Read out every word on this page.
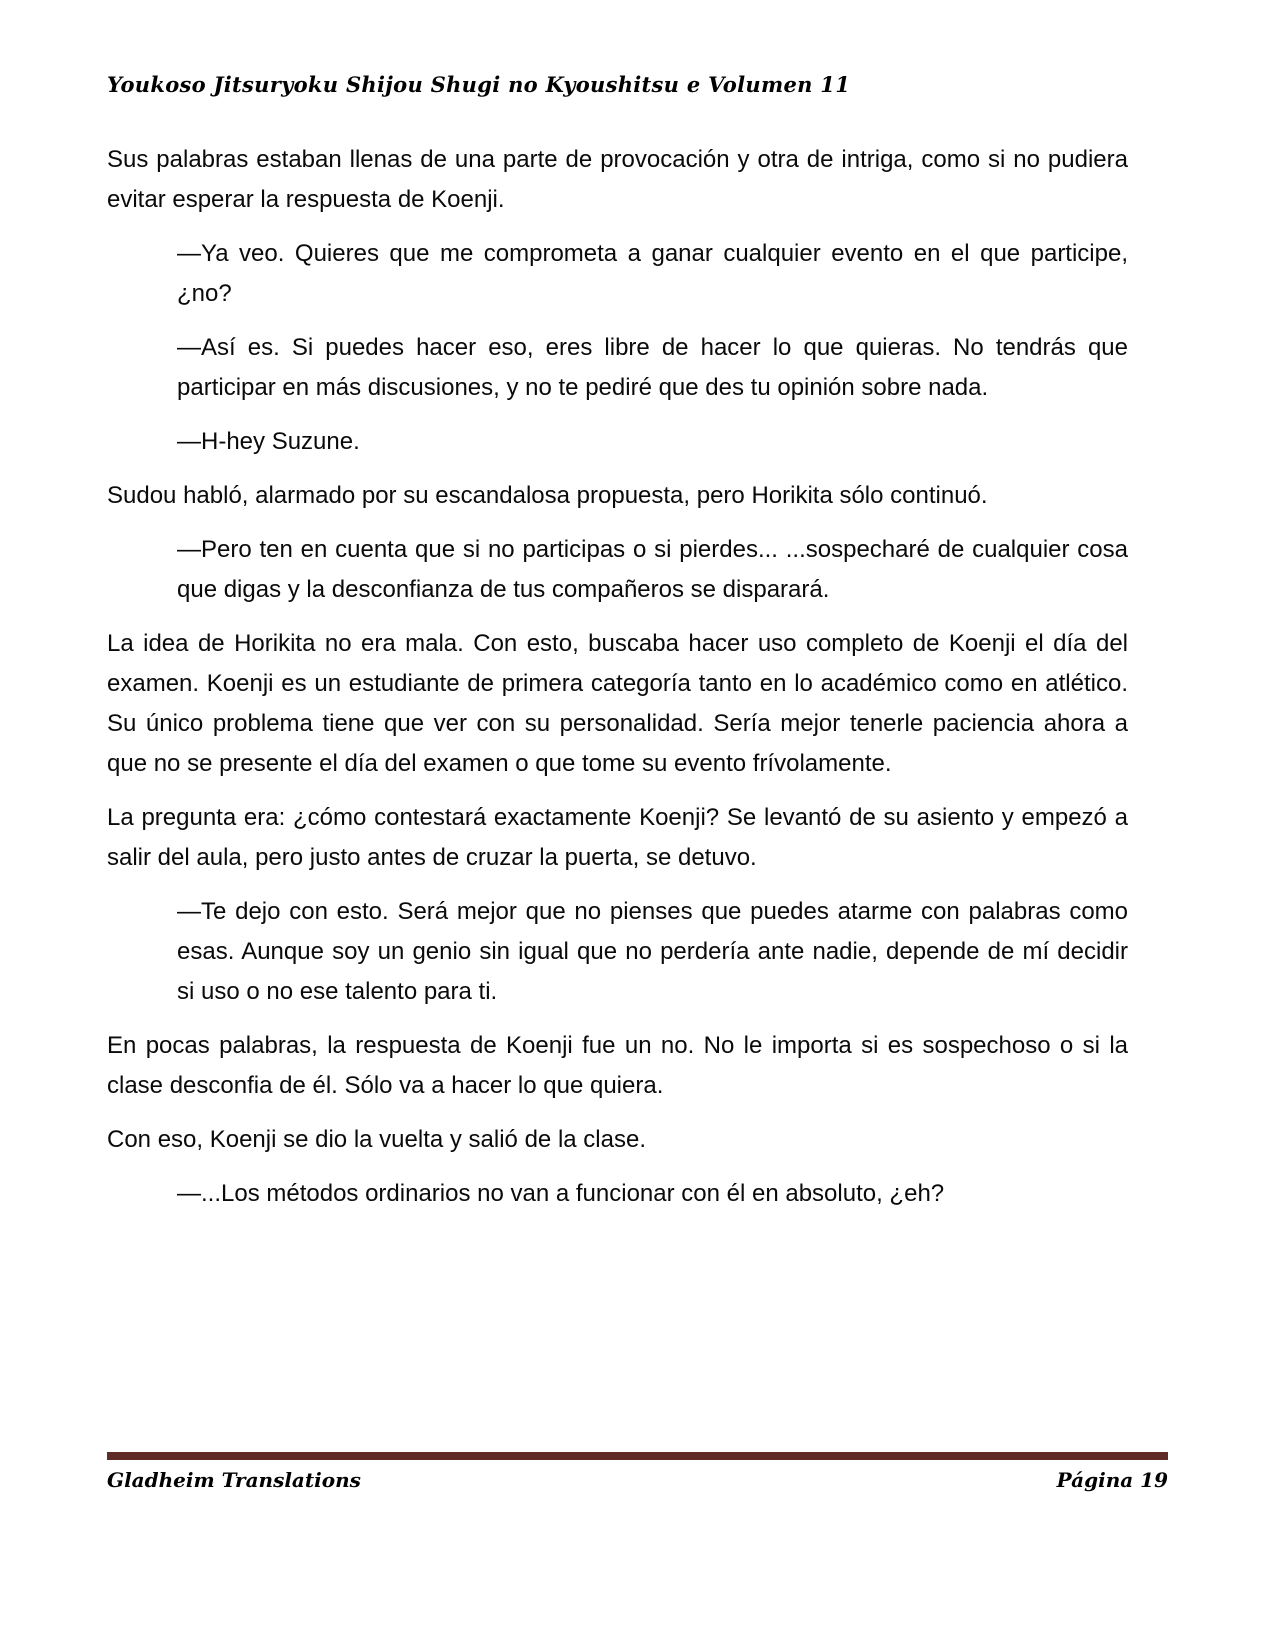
Youkoso Jitsuryoku Shijou Shugi no Kyoushitsu e Volumen 11

Sus palabras estaban llenas de una parte de provocación y otra de intriga, como si no pudiera evitar esperar la respuesta de Koenji.

—Ya veo. Quieres que me comprometa a ganar cualquier evento en el que participe, ¿no?

—Así es. Si puedes hacer eso, eres libre de hacer lo que quieras. No tendrás que participar en más discusiones, y no te pediré que des tu opinión sobre nada.

—H-hey Suzune.

Sudou habló, alarmado por su escandalosa propuesta, pero Horikita sólo continuó.

—Pero ten en cuenta que si no participas o si pierdes... ...sospecharé de cualquier cosa que digas y la desconfianza de tus compañeros se disparará.

La idea de Horikita no era mala. Con esto, buscaba hacer uso completo de Koenji el día del examen. Koenji es un estudiante de primera categoría tanto en lo académico como en atlético. Su único problema tiene que ver con su personalidad. Sería mejor tenerle paciencia ahora a que no se presente el día del examen o que tome su evento frívolamente.

La pregunta era: ¿cómo contestará exactamente Koenji? Se levantó de su asiento y empezó a salir del aula, pero justo antes de cruzar la puerta, se detuvo.

—Te dejo con esto. Será mejor que no pienses que puedes atarme con palabras como esas. Aunque soy un genio sin igual que no perdería ante nadie, depende de mí decidir si uso o no ese talento para ti.

En pocas palabras, la respuesta de Koenji fue un no. No le importa si es sospechoso o si la clase desconfia de él. Sólo va a hacer lo que quiera.

Con eso, Koenji se dio la vuelta y salió de la clase.

—...Los métodos ordinarios no van a funcionar con él en absoluto, ¿eh?

Gladheim Translations	Página 19
